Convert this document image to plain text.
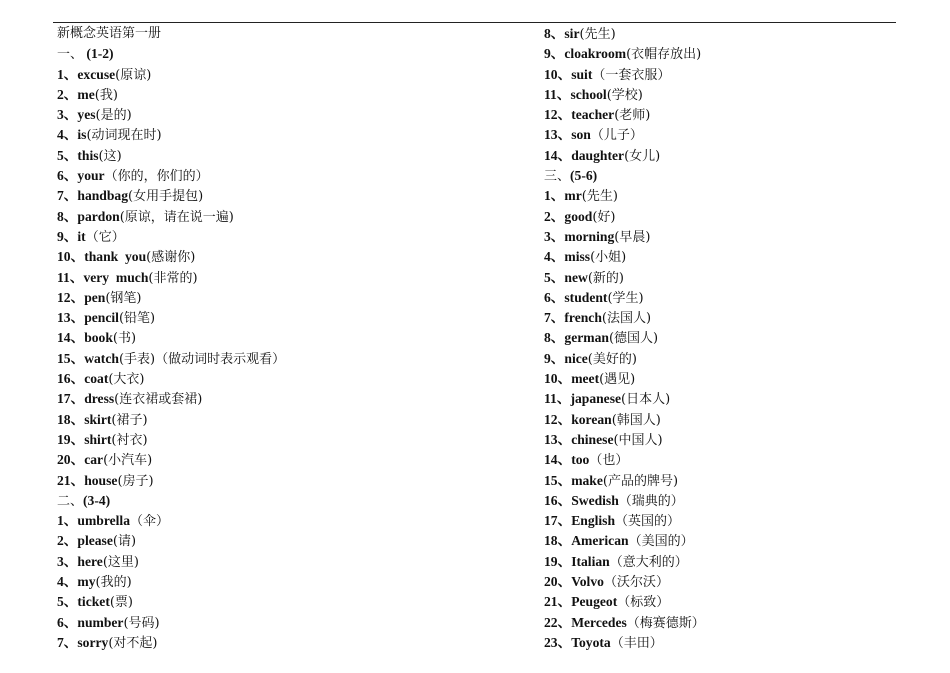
新概念英语第一册
一、 (1-2)
1、excuse(原谅)
2、me(我)
3、yes(是的)
4、is(动词现在时)
5、this(这)
6、your（你的，你们的）
7、handbag(女用手提包)
8、pardon(原谅，请在说一遍)
9、it（它）
10、thank  you(感谢你)
11、very  much(非常的)
12、pen(钢笔)
13、pencil(铅笔)
14、book(书)
15、watch(手表)（做动词时表示观看）
16、coat(大衣)
17、dress(连衣裙或套裙)
18、skirt(裙子)
19、shirt(衬衣)
20、car(小汽车)
21、house(房子)
二、(3-4)
1、umbrella（伞）
2、please(请)
3、here(这里)
4、my(我的)
5、ticket(票)
6、number(号码)
7、sorry(对不起)
8、sir(先生)
9、cloakroom(衣帽存放出)
10、suit（一套衣服）
11、school(学校)
12、teacher(老师)
13、son（儿子）
14、daughter(女儿)
三、(5-6)
1、mr(先生)
2、good(好)
3、morning(早晨)
4、miss(小姐)
5、new(新的)
6、student(学生)
7、french(法国人)
8、german(德国人)
9、nice(美好的)
10、meet(遇见)
11、japanese(日本人)
12、korean(韩国人)
13、chinese(中国人)
14、too（也）
15、make(产品的牌号)
16、Swedish（瑞典的）
17、English（英国的）
18、American（美国的）
19、Italian（意大利的）
20、Volvo（沃尔沃）
21、Peugeot（标致）
22、Mercedes（梅赛德斯）
23、Toyota（丰田）
